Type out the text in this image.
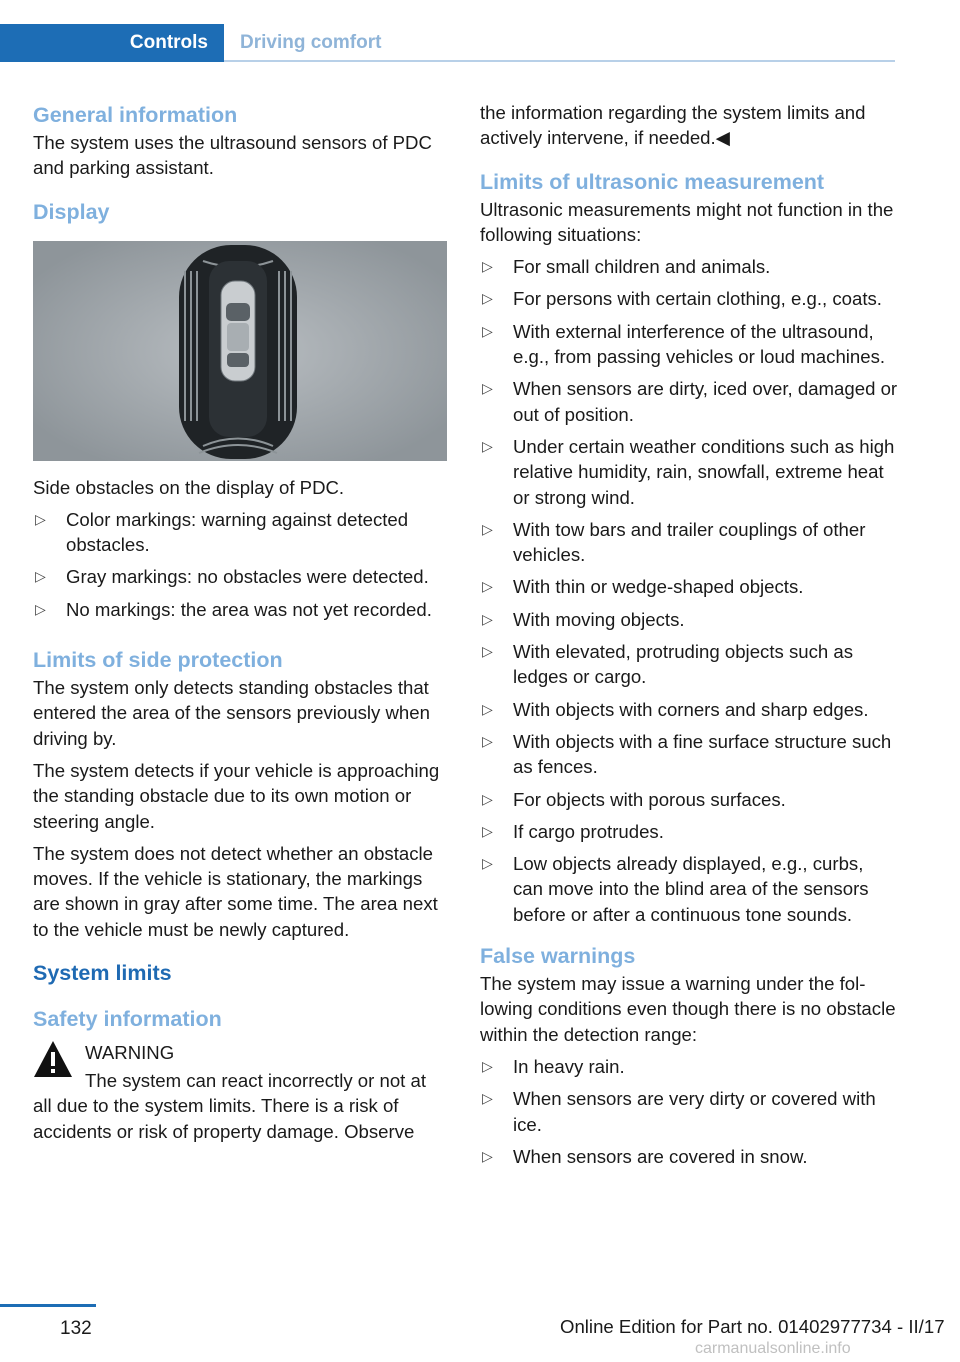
Controls	Driving comfort
General information

The system uses the ultrasound sensors of PDC and parking assistant.

Display

Side obstacles on the display of PDC.

▷ Color markings: warning against detected obstacles.
▷ Gray markings: no obstacles were detected.
▷ No markings: the area was not yet recorded.
Limits of side protection

The system only detects standing obstacles that entered the area of the sensors previously when driving by.

The system detects if your vehicle is approaching the standing obstacle due to its own motion or steering angle.

The system does not detect whether an obstacle moves. If the vehicle is stationary, the markings are shown in gray after some time. The area next to the vehicle must be newly captured.

System limits
Safety information
WARNING

The system can react incorrectly or not at all due to the system limits. There is a risk of accidents or risk of property damage. Observe

the information regarding the system limits and actively intervene, if needed.◀

Limits of ultrasonic measurement

Ultrasonic measurements might not function in the following situations:

▷ For small children and animals.
▷ For persons with certain clothing, e.g., coats.
▷ With external interference of the ultrasound, e.g., from passing vehicles or loud machines.
▷ When sensors are dirty, iced over, damaged or out of position.
▷ Under certain weather conditions such as high relative humidity, rain, snowfall, extreme heat or strong wind.
▷ With tow bars and trailer couplings of other vehicles.
▷ With thin or wedge-shaped objects.
▷ With moving objects.
▷ With elevated, protruding objects such as ledges or cargo.
▷ With objects with corners and sharp edges.
▷ With objects with a fine surface structure such as fences.
▷ For objects with porous surfaces.
▷ If cargo protrudes.
▷ Low objects already displayed, e.g., curbs, can move into the blind area of the sensors before or after a continuous tone sounds.
False warnings

The system may issue a warning under the following conditions even though there is no obstacle within the detection range:

▷ In heavy rain.
▷ When sensors are very dirty or covered with ice.
▷ When sensors are covered in snow.
132	Online Edition for Part no. 01402977734 - II/17
carmanualsonline.info
